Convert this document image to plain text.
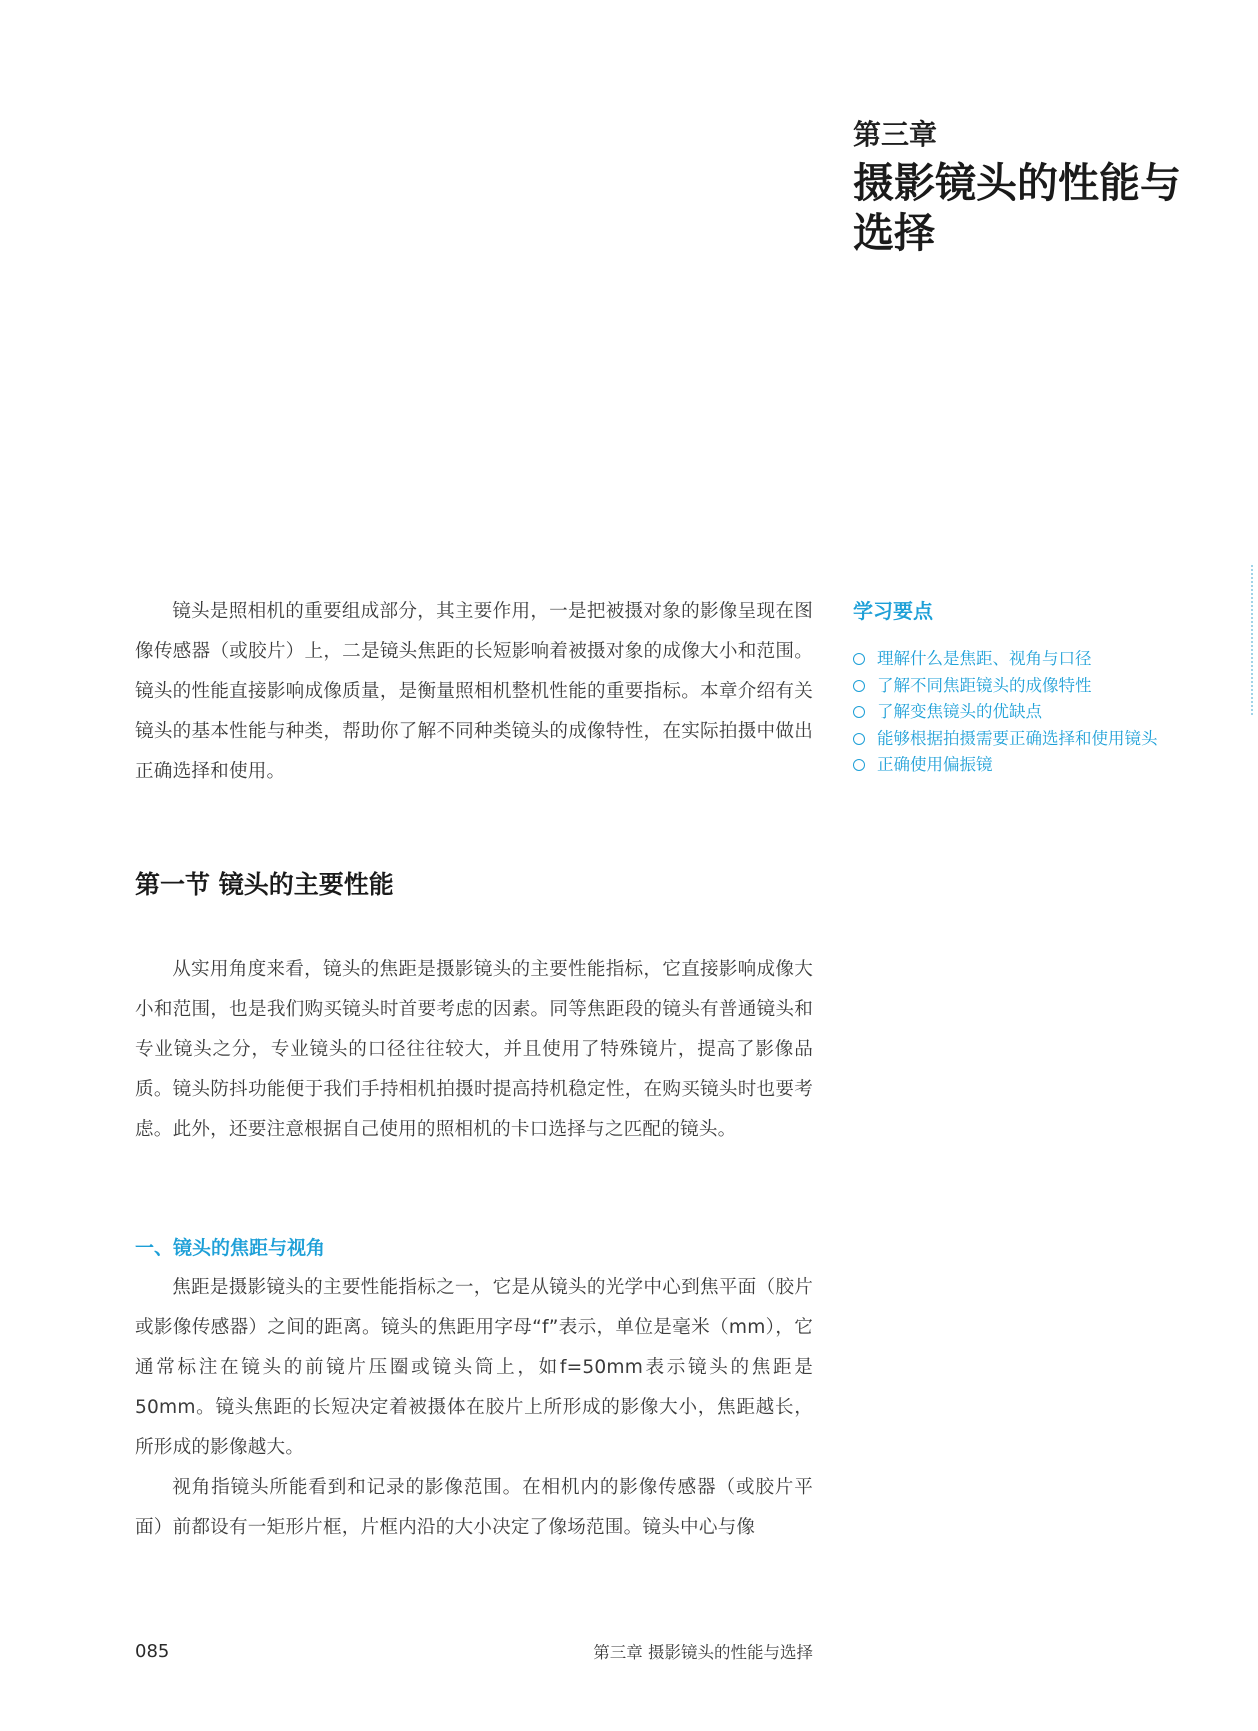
第三章
摄影镜头的性能与选择
学习要点
理解什么是焦距、视角与口径
了解不同焦距镜头的成像特性
了解变焦镜头的优缺点
能够根据拍摄需要正确选择和使用镜头
正确使用偏振镜

镜头是照相机的重要组成部分，其主要作用，一是把被摄对象的影像呈现在图像传感器（或胶片）上，二是镜头焦距的长短影响着被摄对象的成像大小和范围。镜头的性能直接影响成像质量，是衡量照相机整机性能的重要指标。本章介绍有关镜头的基本性能与种类，帮助你了解不同种类镜头的成像特性，在实际拍摄中做出正确选择和使用。

第一节 镜头的主要性能

从实用角度来看，镜头的焦距是摄影镜头的主要性能指标，它直接影响成像大小和范围，也是我们购买镜头时首要考虑的因素。同等焦距段的镜头有普通镜头和专业镜头之分，专业镜头的口径往往较大，并且使用了特殊镜片，提高了影像品质。镜头防抖功能便于我们手持相机拍摄时提高持机稳定性，在购买镜头时也要考虑。此外，还要注意根据自己使用的照相机的卡口选择与之匹配的镜头。

一、镜头的焦距与视角

焦距是摄影镜头的主要性能指标之一，它是从镜头的光学中心到焦平面（胶片或影像传感器）之间的距离。镜头的焦距用字母“f”表示，单位是毫米（mm），它通常标注在镜头的前镜片压圈或镜头筒上，如f=50mm表示镜头的焦距是50mm。镜头焦距的长短决定着被摄体在胶片上所形成的影像大小，焦距越长，所形成的影像越大。

视角指镜头所能看到和记录的影像范围。在相机内的影像传感器（或胶片平面）前都设有一矩形片框，片框内沿的大小决定了像场范围。镜头中心与像

085	第三章 摄影镜头的性能与选择
